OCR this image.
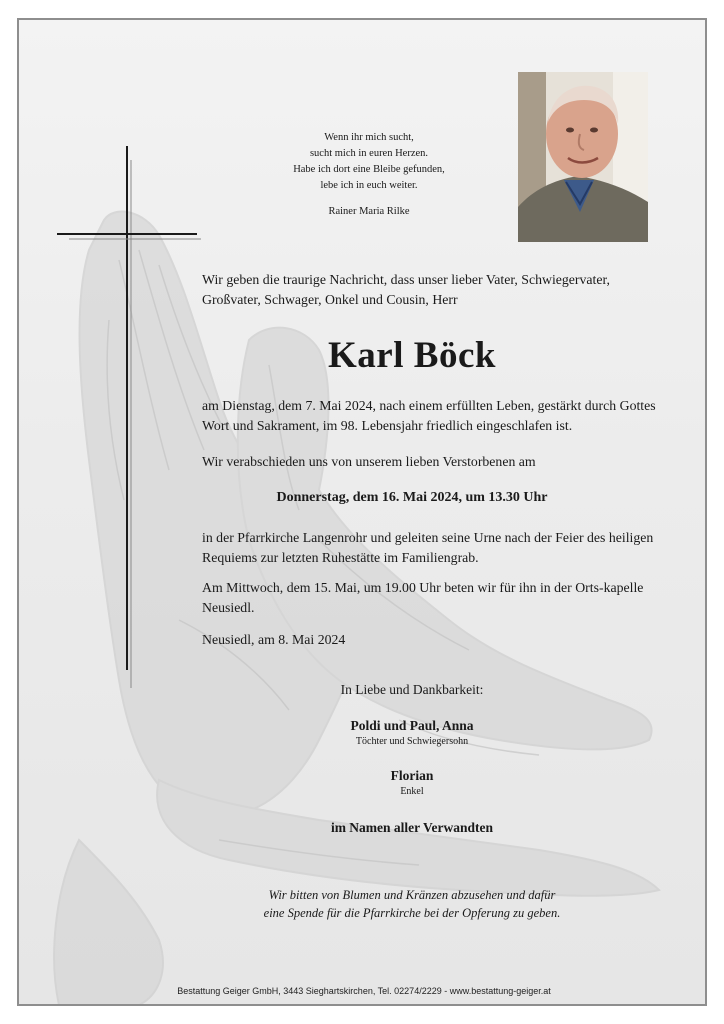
Wenn ihr mich sucht,
sucht mich in euren Herzen.
Habe ich dort eine Bleibe gefunden,
lebe ich in euch weiter.
Rainer Maria Rilke

Wir geben die traurige Nachricht, dass unser lieber Vater, Schwiegervater, Großvater, Schwager, Onkel und Cousin, Herr

Karl Böck

am Dienstag, dem 7. Mai 2024, nach einem erfüllten Leben, gestärkt durch Gottes Wort und Sakrament, im 98. Lebensjahr friedlich eingeschlafen ist.

Wir verabschieden uns von unserem lieben Verstorbenen am

Donnerstag, dem 16. Mai 2024, um 13.30 Uhr

in der Pfarrkirche Langenrohr und geleiten seine Urne nach der Feier des heiligen Requiems zur letzten Ruhestätte im Familiengrab.

Am Mittwoch, dem 15. Mai, um 19.00 Uhr beten wir für ihn in der Orts-kapelle Neusiedl.

Neusiedl, am 8. Mai 2024

In Liebe und Dankbarkeit:
Poldi und Paul, Anna
Töchter und Schwiegersohn
Florian
Enkel
im Namen aller Verwandten
Wir bitten von Blumen und Kränzen abzusehen und dafür
eine Spende für die Pfarrkirche bei der Opferung zu geben.
Bestattung Geiger GmbH, 3443 Sieghartskirchen, Tel. 02274/2229 - www.bestattung-geiger.at
